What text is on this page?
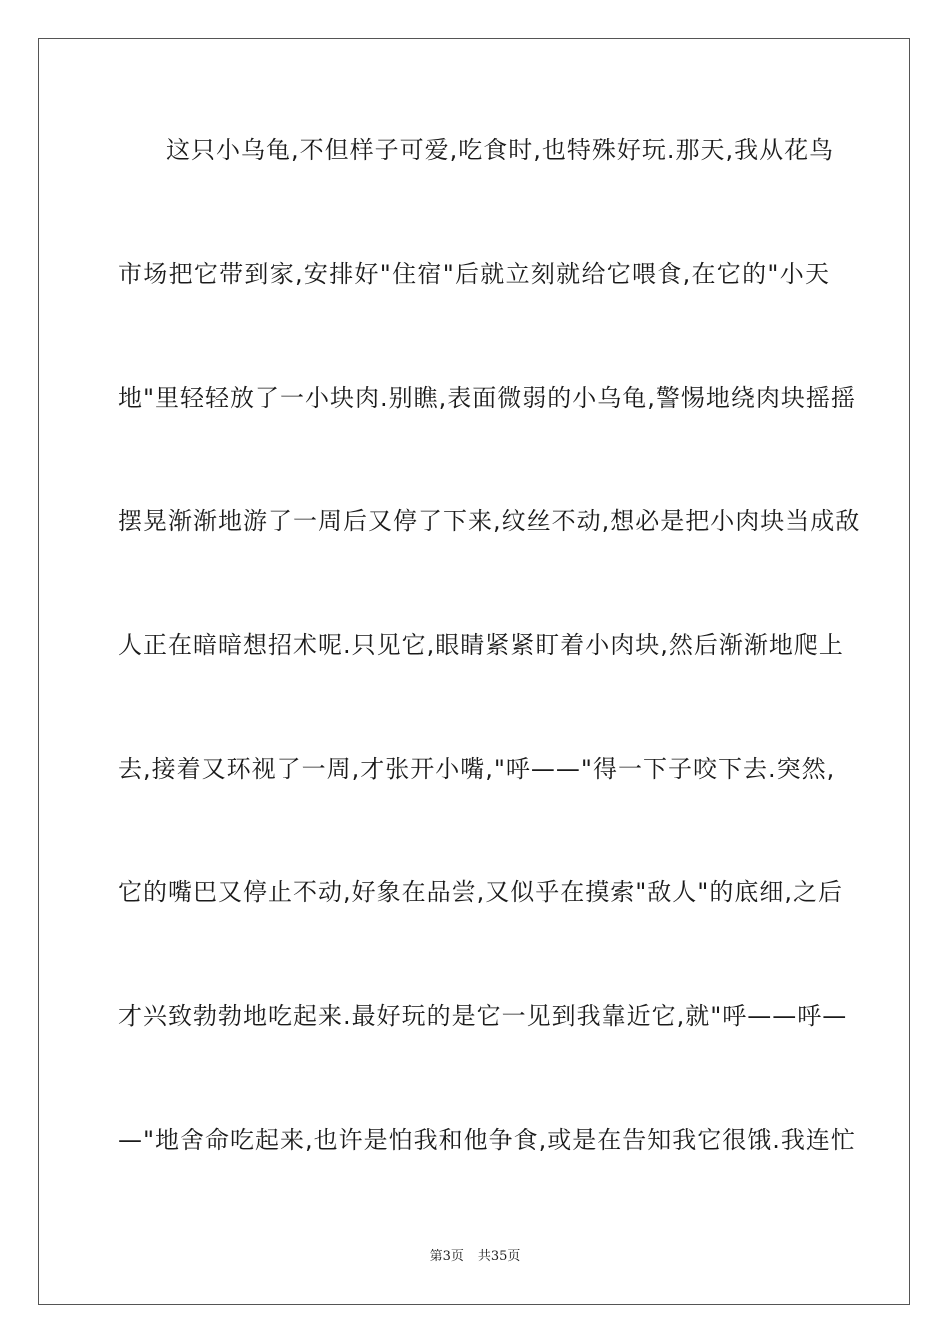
这只小乌龟,不但样子可爱,吃食时,也特殊好玩.那天,我从花鸟
市场把它带到家,安排好"住宿"后就立刻就给它喂食,在它的"小天
地"里轻轻放了一小块肉.别瞧,表面微弱的小乌龟,警惕地绕肉块摇摇
摆晃渐渐地游了一周后又停了下来,纹丝不动,想必是把小肉块当成敌
人正在暗暗想招术呢.只见它,眼睛紧紧盯着小肉块,然后渐渐地爬上
去,接着又环视了一周,才张开小嘴,"呼——"得一下子咬下去.突然,
它的嘴巴又停止不动,好象在品尝,又似乎在摸索"敌人"的底细,之后
才兴致勃勃地吃起来.最好玩的是它一见到我靠近它,就"呼——呼—
—"地舍命吃起来,也许是怕我和他争食,或是在告知我它很饿.我连忙
第3页 共35页
